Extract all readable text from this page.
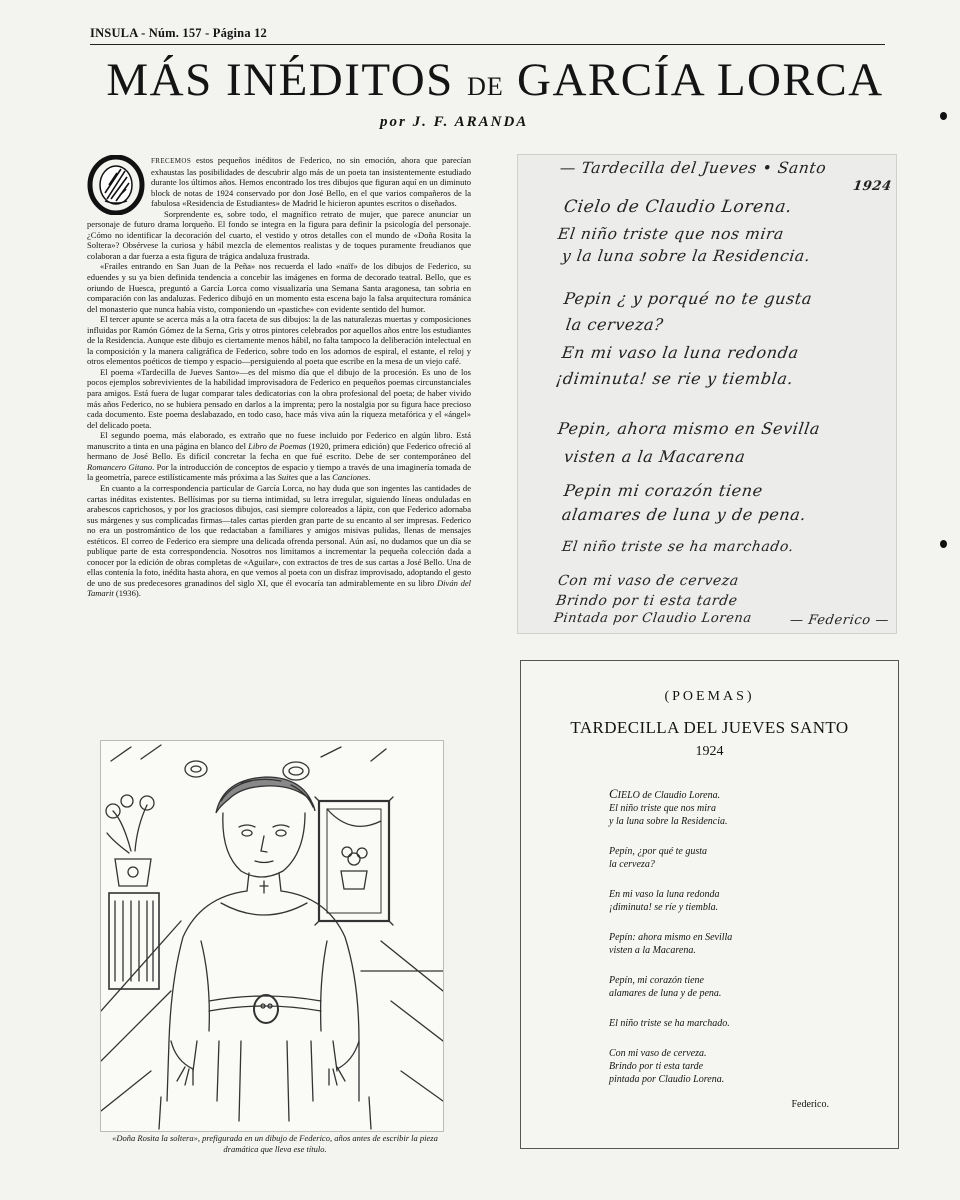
INSULA - Núm. 157 - Página 12
MÁS INÉDITOS DE GARCÍA LORCA
por J. F. ARANDA

FRECEMOS estos pequeños inéditos de Federico, no sin emoción, ahora que parecían exhaustas las posibilidades de descubrir algo más de un poeta tan insistentemente estudiado durante los últimos años. Hemos encontrado los tres dibujos que figuran aquí en un diminuto block de notas de 1924 conservado por don José Bello, en el que varios compañeros de la fabulosa «Residencia de Estudiantes» de Madrid le hicieron apuntes escritos o diseñados.

Sorprendente es, sobre todo, el magnífico retrato de mujer, que parece anunciar un personaje de futuro drama lorqueño. El fondo se integra en la figura para definir la psicología del personaje. ¿Cómo no identificar la decoración del cuarto, el vestido y otros detalles con el mundo de «Doña Rosita la Soltera»? Obsérvese la curiosa y hábil mezcla de elementos realistas y de toques puramente freudianos que colaboran a dar fuerza a esta figura de trágica andaluza frustrada.

«Frailes entrando en San Juan de la Peña» nos recuerda el lado «naïf» de los dibujos de Federico, su eduendes y su ya bien definida tendencia a concebir las imágenes en forma de decorado teatral. Bello, que es oriundo de Huesca, preguntó a García Lorca como visualizaría una Semana Santa aragonesa, tan sobria en comparación con las andaluzas. Federico dibujó en un momento esta escena bajo la falsa arquitectura románica del monasterio que nunca había visto, componiendo un «pastiche» con evidente sentido del humor.

El tercer apunte se acerca más a la otra faceta de sus dibujos: la de las naturalezas muertas y composiciones influidas por Ramón Gómez de la Serna, Gris y otros pintores celebrados por aquellos años entre los estudiantes de la Residencia. Aunque este dibujo es ciertamente menos hábil, no falta tampoco la deliberación intelectual en la composición y la manera caligráfica de Federico, sobre todo en los adornos de espiral, el estante, el reloj y otros elementos poéticos de tiempo y espacio—persiguiendo al poeta que escribe en la mesa de un viejo café.

El poema «Tardecilla de Jueves Santo»—es del mismo día que el dibujo de la procesión. Es uno de los pocos ejemplos sobrevivientes de la habilidad improvisadora de Federico en pequeños poemas circunstanciales para amigos. Está fuera de lugar comparar tales dedicatorias con la obra profesional del poeta; de haber vivido más años Federico, no se hubiera pensado en darlos a la imprenta; pero la nostalgia por su figura hace precioso cada documento. Este poema deslabazado, en todo caso, hace más viva aún la riqueza metafórica y el «ángel» del delicado poeta.

El segundo poema, más elaborado, es extraño que no fuese incluido por Federico en algún libro. Está manuscrito a tinta en una página en blanco del Libro de Poemas (1920, primera edición) que Federico ofreció al hermano de José Bello. Es difícil concretar la fecha en que fué escrito. Debe de ser contemporáneo del Romancero Gitano. Por la introducción de conceptos de espacio y tiempo a través de una imaginería tomada de la geometría, parece estilísticamente más próxima a las Suites que a las Canciones.

En cuanto a la correspondencia particular de García Lorca, no hay duda que son ingentes las cantidades de cartas inéditas existentes. Bellísimas por su tierna intimidad, su letra irregular, siguiendo líneas onduladas en arabescos caprichosos, y por los graciosos dibujos, casi siempre coloreados a lápiz, con que Federico adornaba sus márgenes y sus complicadas firmas—tales cartas pierden gran parte de su encanto al ser impresas. Federico no era un postromántico de los que redactaban a familiares y amigos misivas pulidas, llenas de mensajes estéticos. El correo de Federico era siempre una delicada ofrenda personal. Aún así, no dudamos que un día se publique parte de esta correspondencia. Nosotros nos limitamos a incrementar la pequeña colección dada a conocer por la edición de obras completas de «Aguilar», con extractos de tres de sus cartas a José Bello. Una de ellas contenía la foto, inédita hasta ahora, en que vemos al poeta con un disfraz improvisado, adoptando el gesto de uno de sus predecesores granadinos del siglo XI, que él evocaría tan admirablemente en su libro Diván del Tamarit (1936).

«Doña Rosita la soltera», prefigurada en un dibujo de Federico, años antes de escribir la pieza dramática que lleva ese título.
— Tardecilla del Jueves • Santo
1924
Cielo de Claudio Lorena.
El niño triste que nos mira
y la luna sobre la Residencia.
Pepin ¿ y porqué no te gusta
la cerveza?
En mi vaso la luna redonda
¡diminuta! se rie y tiembla.
Pepin, ahora mismo en Sevilla
visten a la Macarena
Pepin mi corazón tiene
alamares de luna y de pena.
El niño triste se ha marchado.
Con mi vaso de cerveza
Brindo por ti esta tarde
Pintada por Claudio Lorena	— Federico —
(POEMAS)
TARDECILLA DEL JUEVES SANTO
1924
CIELO de Claudio Lorena.
El niño triste que nos mira
y la luna sobre la Residencia.
Pepín, ¿por qué te gusta
la cerveza?
En mi vaso la luna redonda
¡diminuta! se ríe y tiembla.
Pepín: ahora mismo en Sevilla
visten a la Macarena.
Pepín, mi corazón tiene
alamares de luna y de pena.
El niño triste se ha marchado.
Con mi vaso de cerveza.
Brindo por ti esta tarde
pintada por Claudio Lorena.
Federico.
